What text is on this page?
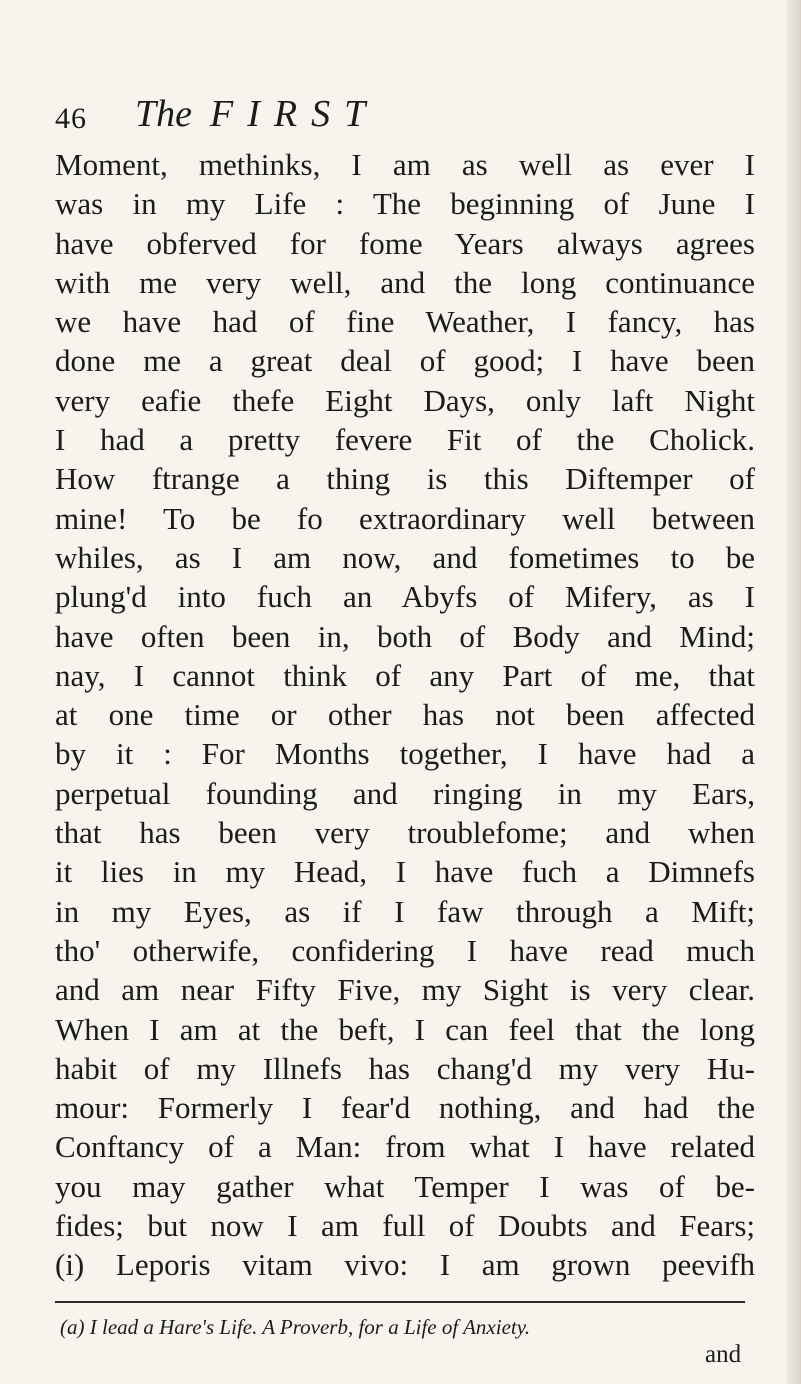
46 The FIRST
Moment, methinks, I am as well as ever I
was in my Life : The beginning of June I
have obferved for fome Years always agrees
with me very well, and the long continuance
we have had of fine Weather, I fancy, has
done me a great deal of good; I have been
very eafie thefe Eight Days, only laft Night
I had a pretty fevere Fit of the Cholick.
How ftrange a thing is this Diftemper of
mine! To be fo extraordinary well between
whiles, as I am now, and fometimes to be
plung'd into fuch an Abyfs of Mifery, as I
have often been in, both of Body and Mind;
nay, I cannot think of any Part of me, that
at one time or other has not been affected
by it : For Months together, I have had a
perpetual founding and ringing in my Ears,
that has been very troublefome; and when
it lies in my Head, I have fuch a Dimnefs
in my Eyes, as if I faw through a Mift;
tho' otherwife, confidering I have read much
and am near Fifty Five, my Sight is very clear.
When I am at the beft, I can feel that the long
habit of my Illnefs has chang'd my very Hu-
mour: Formerly I fear'd nothing, and had the
Conftancy of a Man: from what I have related
you may gather what Temper I was of be-
fides; but now I am full of Doubts and Fears;
(i) Leporis vitam vivo: I am grown peevifh
(a) I lead a Hare's Life. A Proverb, for a Life of Anxiety.
and
